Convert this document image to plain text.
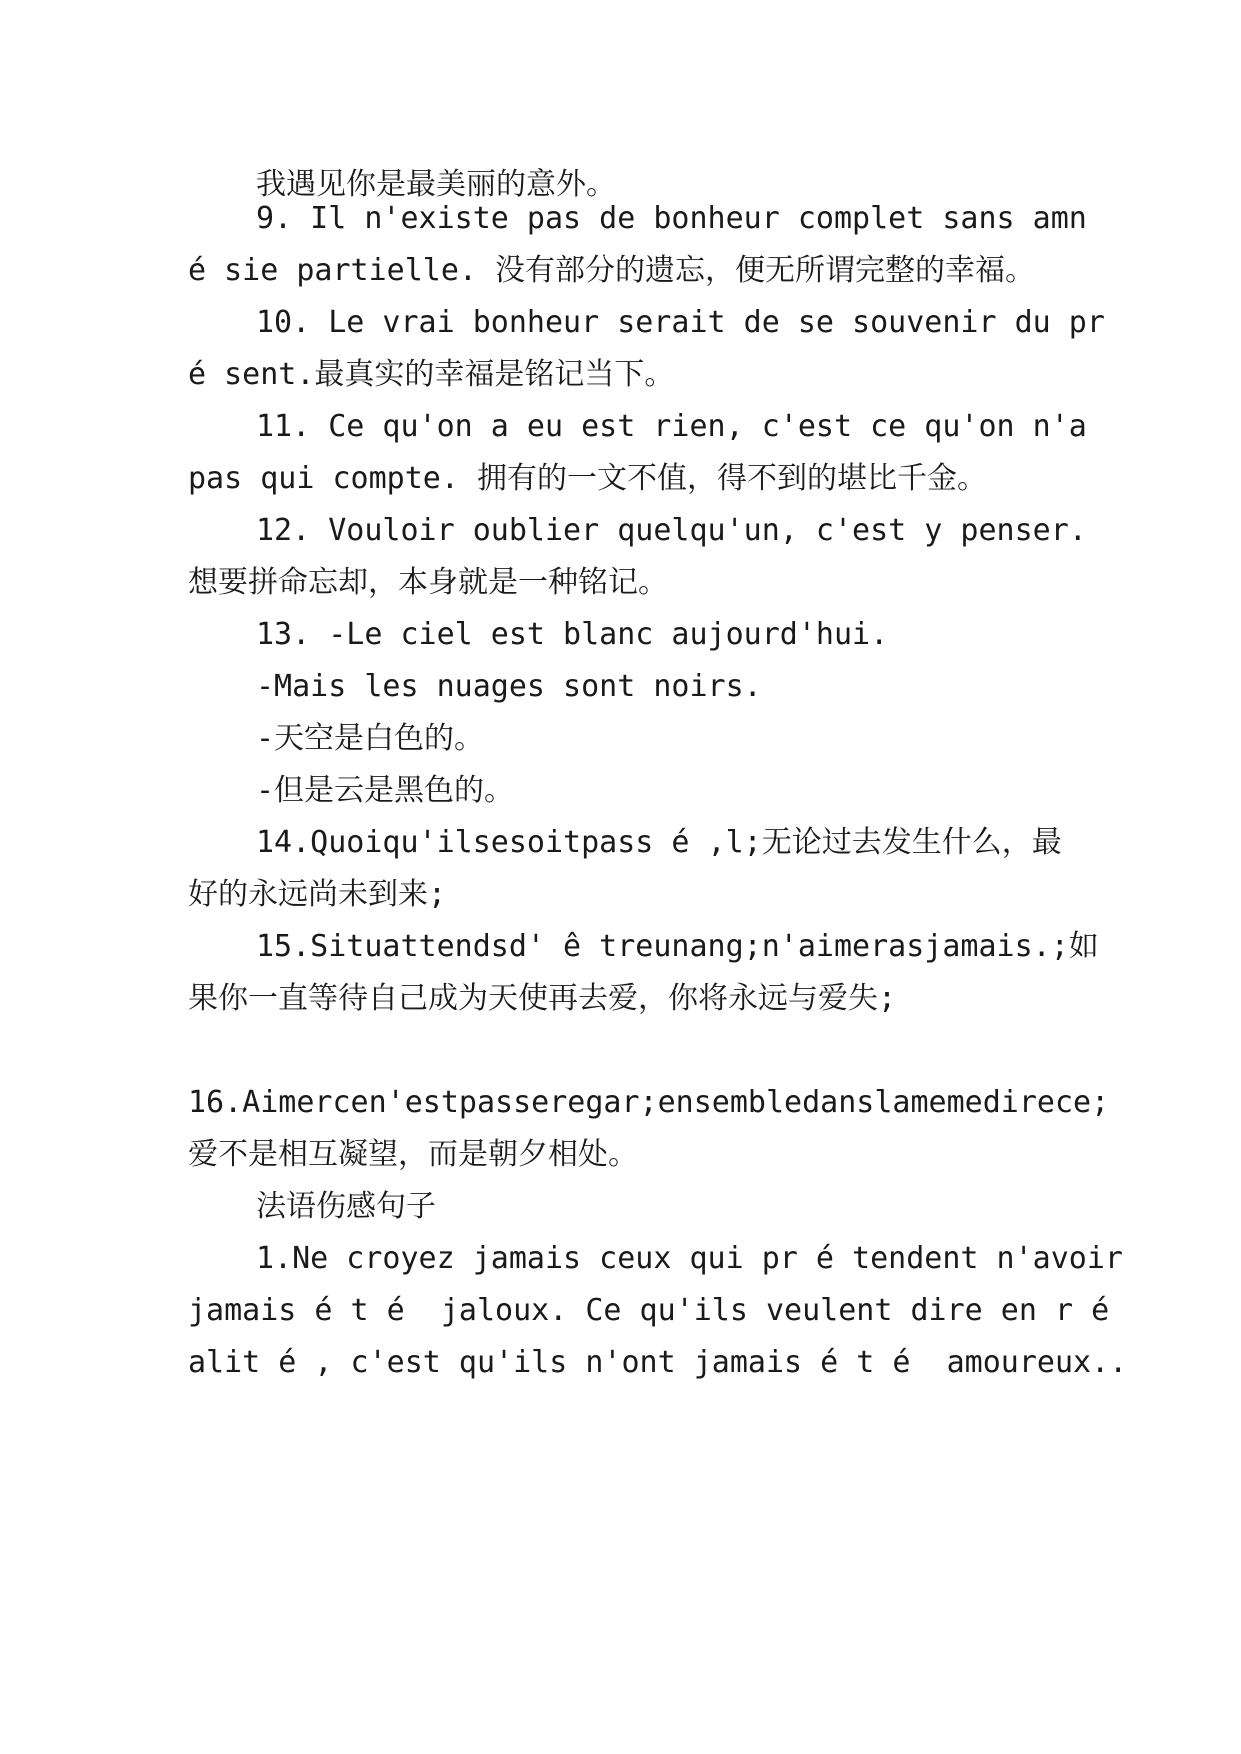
我遇见你是最美丽的意外。

9. Il n'existe pas de bonheur complet sans amn

é sie partielle. 没有部分的遗忘，便无所谓完整的幸福。

10. Le vrai bonheur serait de se souvenir du pr

é sent.最真实的幸福是铭记当下。

11. Ce qu'on a eu est rien, c'est ce qu'on n'a

pas qui compte. 拥有的一文不值，得不到的堪比千金。

12. Vouloir oublier quelqu'un, c'est y penser.

想要拼命忘却，本身就是一种铭记。

13. -Le ciel est blanc aujourd'hui.

-Mais les nuages sont noirs.

-天空是白色的。

-但是云是黑色的。

14.Quoiqu'ilsesoitpass é ,l;无论过去发生什么，最

好的永远尚未到来;

15.Situattendsd' ê treunang;n'aimerasjamais.;如

果你一直等待自己成为天使再去爱，你将永远与爱失;

16.Aimercen'estpasseregar;ensembledanslamemedirece;

爱不是相互凝望，而是朝夕相处。

法语伤感句子

1.Ne croyez jamais ceux qui pr é tendent n'avoir

jamais é t é  jaloux. Ce qu'ils veulent dire en r é

alit é , c'est qu'ils n'ont jamais é t é  amoureux..
